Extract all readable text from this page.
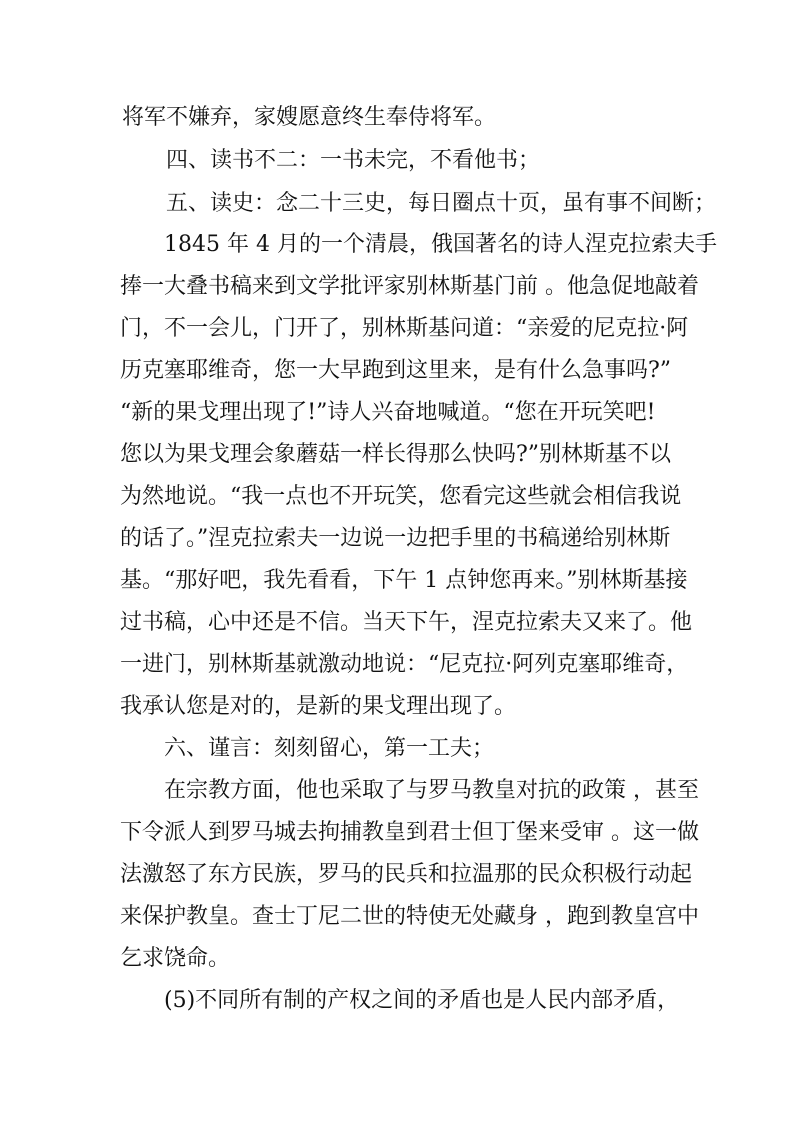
将军不嫌弃，家嫂愿意终生奉侍将军。

四、读书不二：一书未完，不看他书；

五、读史：念二十三史，每日圈点十页，虽有事不间断；

1845 年 4 月的一个清晨，俄国著名的诗人涅克拉索夫手

捧一大叠书稿来到文学批评家别林斯基门前 。他急促地敲着

门，不一会儿，门开了，别林斯基问道：“亲爱的尼克拉·阿

历克塞耶维奇，您一大早跑到这里来，是有什么急事吗?”

“新的果戈理出现了!”诗人兴奋地喊道。“您在开玩笑吧!

您以为果戈理会象蘑菇一样长得那么快吗?”别林斯基不以

为然地说。“我一点也不开玩笑，您看完这些就会相信我说

的话了。”涅克拉索夫一边说一边把手里的书稿递给别林斯

基。“那好吧，我先看看，下午 1 点钟您再来。”别林斯基接

过书稿，心中还是不信。当天下午，涅克拉索夫又来了。他

一进门，别林斯基就激动地说：“尼克拉·阿列克塞耶维奇，

我承认您是对的，是新的果戈理出现了。

六、谨言：刻刻留心，第一工夫；

在宗教方面，他也采取了与罗马教皇对抗的政策 ，甚至

下令派人到罗马城去拘捕教皇到君士但丁堡来受审 。这一做

法激怒了东方民族，罗马的民兵和拉温那的民众积极行动起

来保护教皇。查士丁尼二世的特使无处藏身 ，跑到教皇宫中

乞求饶命。

(5)不同所有制的产权之间的矛盾也是人民内部矛盾，
